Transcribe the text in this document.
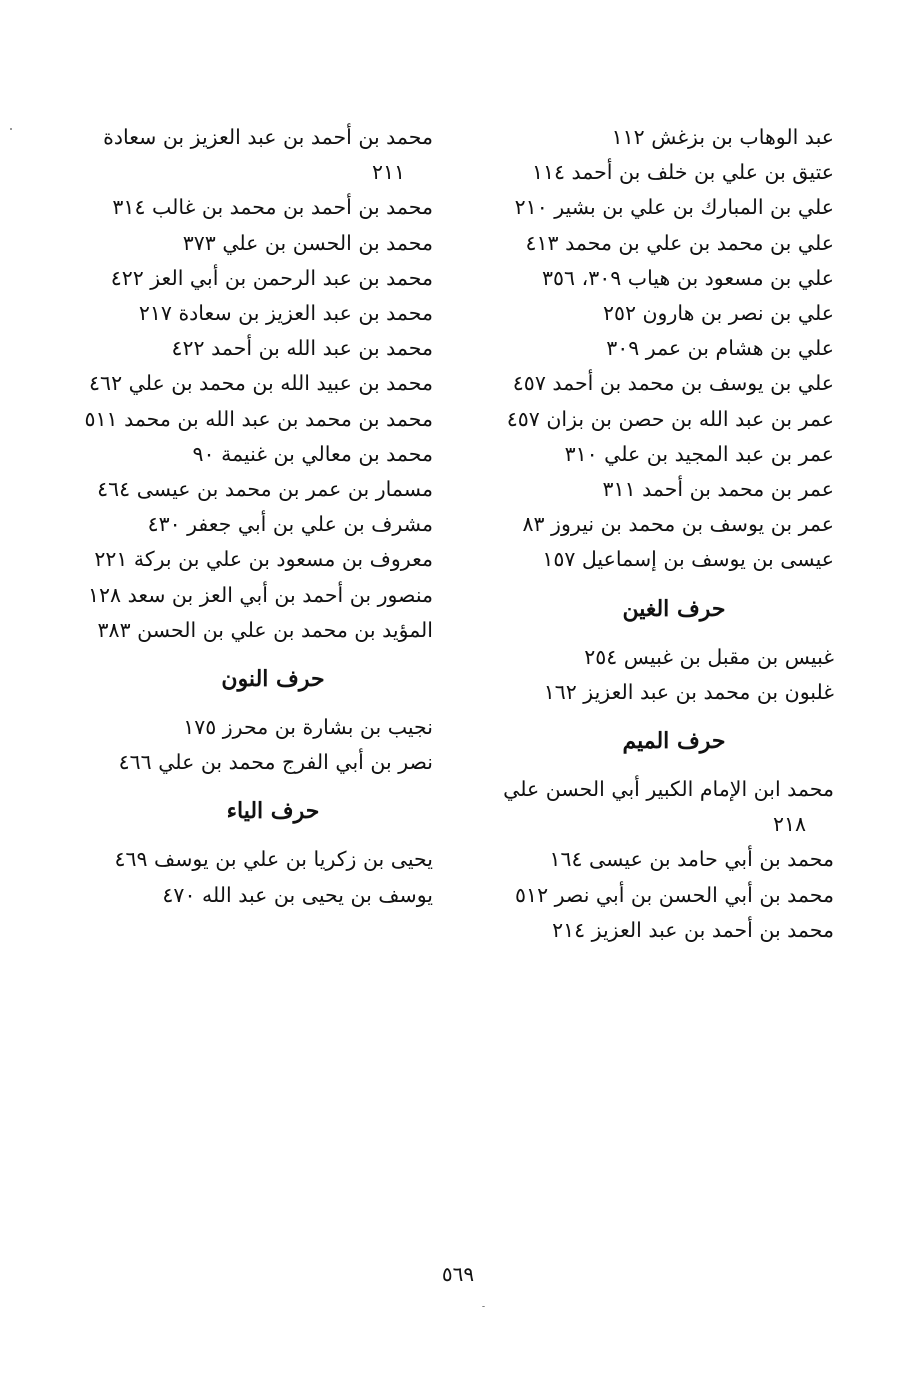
عبد الوهاب بن بزغش ١١٢
عتيق بن علي بن خلف بن أحمد ١١٤
علي بن المبارك بن علي بن بشير ٢١٠
علي بن محمد بن علي بن محمد ٤١٣
علي بن مسعود بن هياب ٣٠٩، ٣٥٦
علي بن نصر بن هارون ٢٥٢
علي بن هشام بن عمر ٣٠٩
علي بن يوسف بن محمد بن أحمد ٤٥٧
عمر بن عبد الله بن حصن بن بزان ٤٥٧
عمر بن عبد المجيد بن علي ٣١٠
عمر بن محمد بن أحمد ٣١١
عمر بن يوسف بن محمد بن نيروز ٨٣
عيسى بن يوسف بن إسماعيل ١٥٧
حرف الغين
غبيس بن مقبل بن غبيس ٢٥٤
غلبون بن محمد بن عبد العزيز ١٦٢
حرف الميم
محمد ابن الإمام الكبير أبي الحسن علي
٢١٨
محمد بن أبي حامد بن عيسى ١٦٤
محمد بن أبي الحسن بن أبي نصر ٥١٢
محمد بن أحمد بن عبد العزيز ٢١٤
محمد بن أحمد بن عبد العزيز بن سعادة
٢١١
محمد بن أحمد بن محمد بن غالب ٣١٤
محمد بن الحسن بن علي ٣٧٣
محمد بن عبد الرحمن بن أبي العز ٤٢٢
محمد بن عبد العزيز بن سعادة ٢١٧
محمد بن عبد الله بن أحمد ٤٢٢
محمد بن عبيد الله بن محمد بن علي ٤٦٢
محمد بن محمد بن عبد الله بن محمد ٥١١
محمد بن معالي بن غنيمة ٩٠
مسمار بن عمر بن محمد بن عيسى ٤٦٤
مشرف بن علي بن أبي جعفر ٤٣٠
معروف بن مسعود بن علي بن بركة ٢٢١
منصور بن أحمد بن أبي العز بن سعد ١٢٨
المؤيد بن محمد بن علي بن الحسن ٣٨٣
حرف النون
نجيب بن بشارة بن محرز ١٧٥
نصر بن أبي الفرج محمد بن علي ٤٦٦
حرف الياء
يحيى بن زكريا بن علي بن يوسف ٤٦٩
يوسف بن يحيى بن عبد الله ٤٧٠
٥٦٩
